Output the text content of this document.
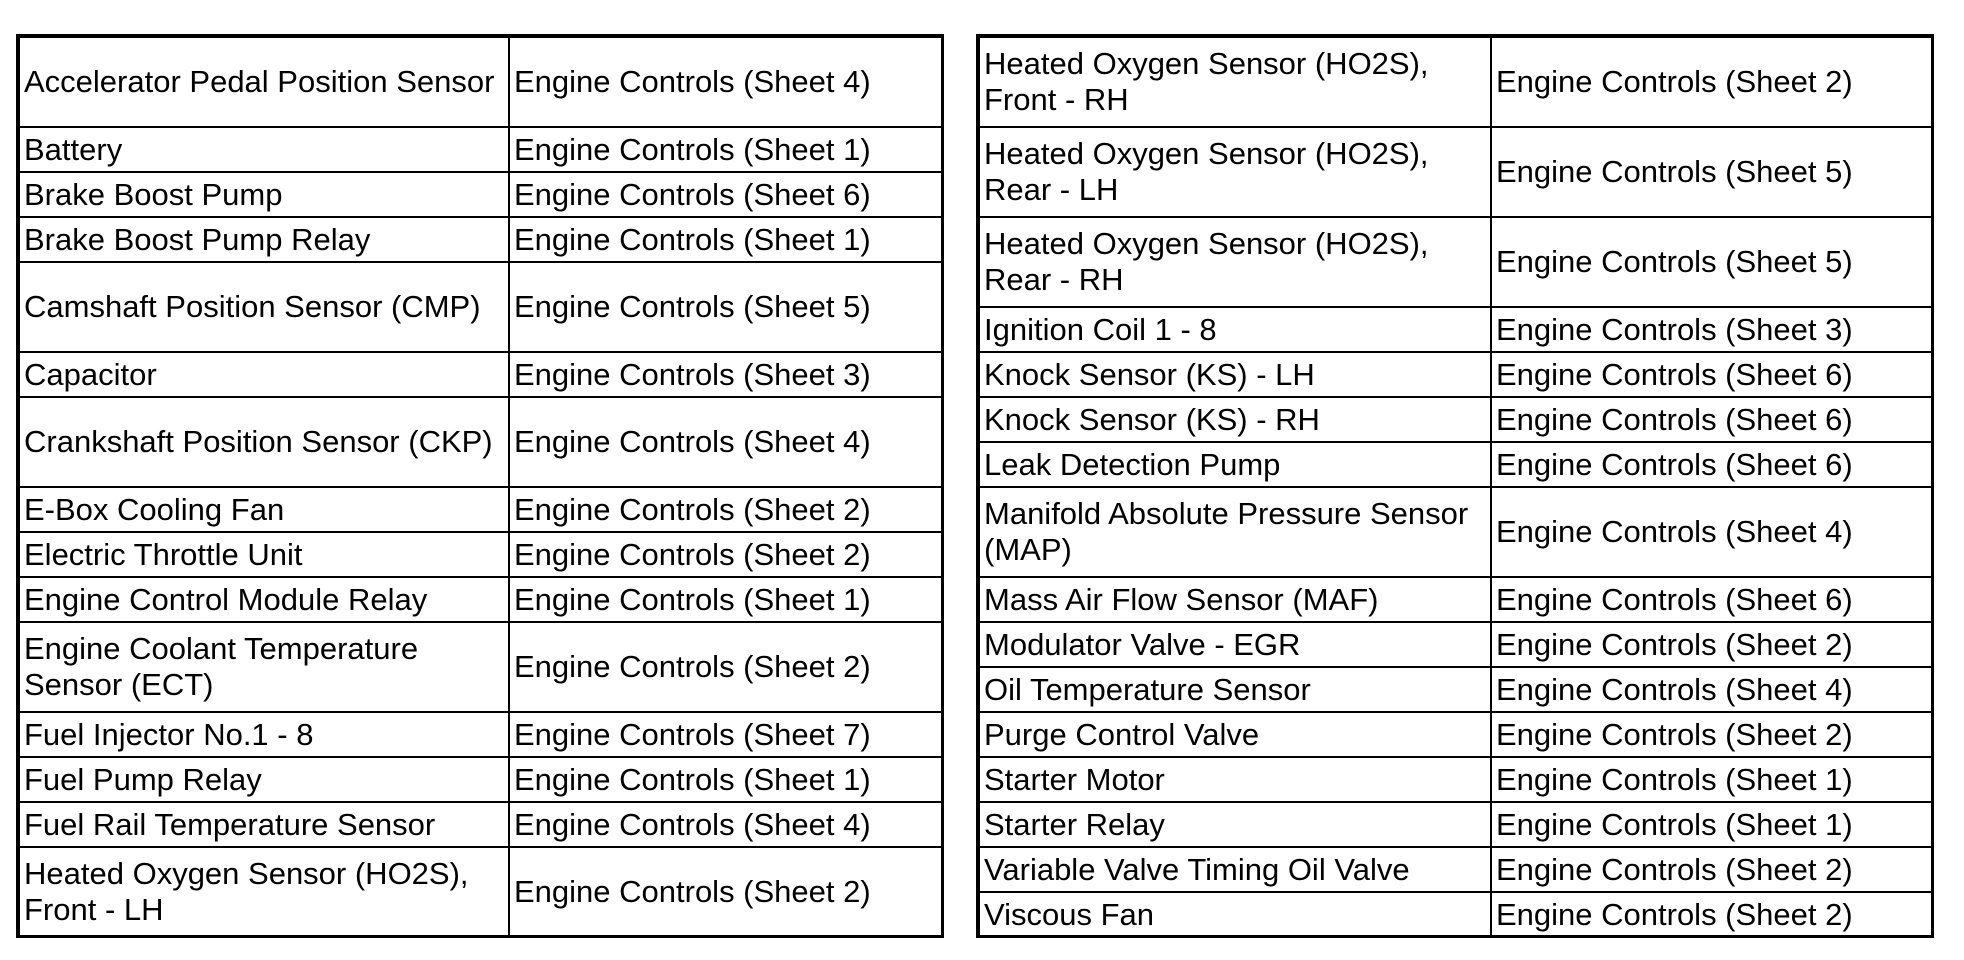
Accelerator Pedal Position Sensor	Engine Controls (Sheet 4)
Battery	Engine Controls (Sheet 1)
Brake Boost Pump	Engine Controls (Sheet 6)
Brake Boost Pump Relay	Engine Controls (Sheet 1)
Camshaft Position Sensor (CMP)	Engine Controls (Sheet 5)
Capacitor	Engine Controls (Sheet 3)
Crankshaft Position Sensor (CKP)	Engine Controls (Sheet 4)
E-Box Cooling Fan	Engine Controls (Sheet 2)
Electric Throttle Unit	Engine Controls (Sheet 2)
Engine Control Module Relay	Engine Controls (Sheet 1)
Engine Coolant Temperature Sensor (ECT)	Engine Controls (Sheet 2)
Fuel Injector No.1 - 8	Engine Controls (Sheet 7)
Fuel Pump Relay	Engine Controls (Sheet 1)
Fuel Rail Temperature Sensor	Engine Controls (Sheet 4)
Heated Oxygen Sensor (HO2S), Front - LH	Engine Controls (Sheet 2)
Heated Oxygen Sensor (HO2S), Front - RH	Engine Controls (Sheet 2)
Heated Oxygen Sensor (HO2S), Rear - LH	Engine Controls (Sheet 5)
Heated Oxygen Sensor (HO2S), Rear - RH	Engine Controls (Sheet 5)
Ignition Coil 1 - 8	Engine Controls (Sheet 3)
Knock Sensor (KS) - LH	Engine Controls (Sheet 6)
Knock Sensor (KS) - RH	Engine Controls (Sheet 6)
Leak Detection Pump	Engine Controls (Sheet 6)
Manifold Absolute Pressure Sensor (MAP)	Engine Controls (Sheet 4)
Mass Air Flow Sensor (MAF)	Engine Controls (Sheet 6)
Modulator Valve - EGR	Engine Controls (Sheet 2)
Oil Temperature Sensor	Engine Controls (Sheet 4)
Purge Control Valve	Engine Controls (Sheet 2)
Starter Motor	Engine Controls (Sheet 1)
Starter Relay	Engine Controls (Sheet 1)
Variable Valve Timing Oil Valve	Engine Controls (Sheet 2)
Viscous Fan	Engine Controls (Sheet 2)
